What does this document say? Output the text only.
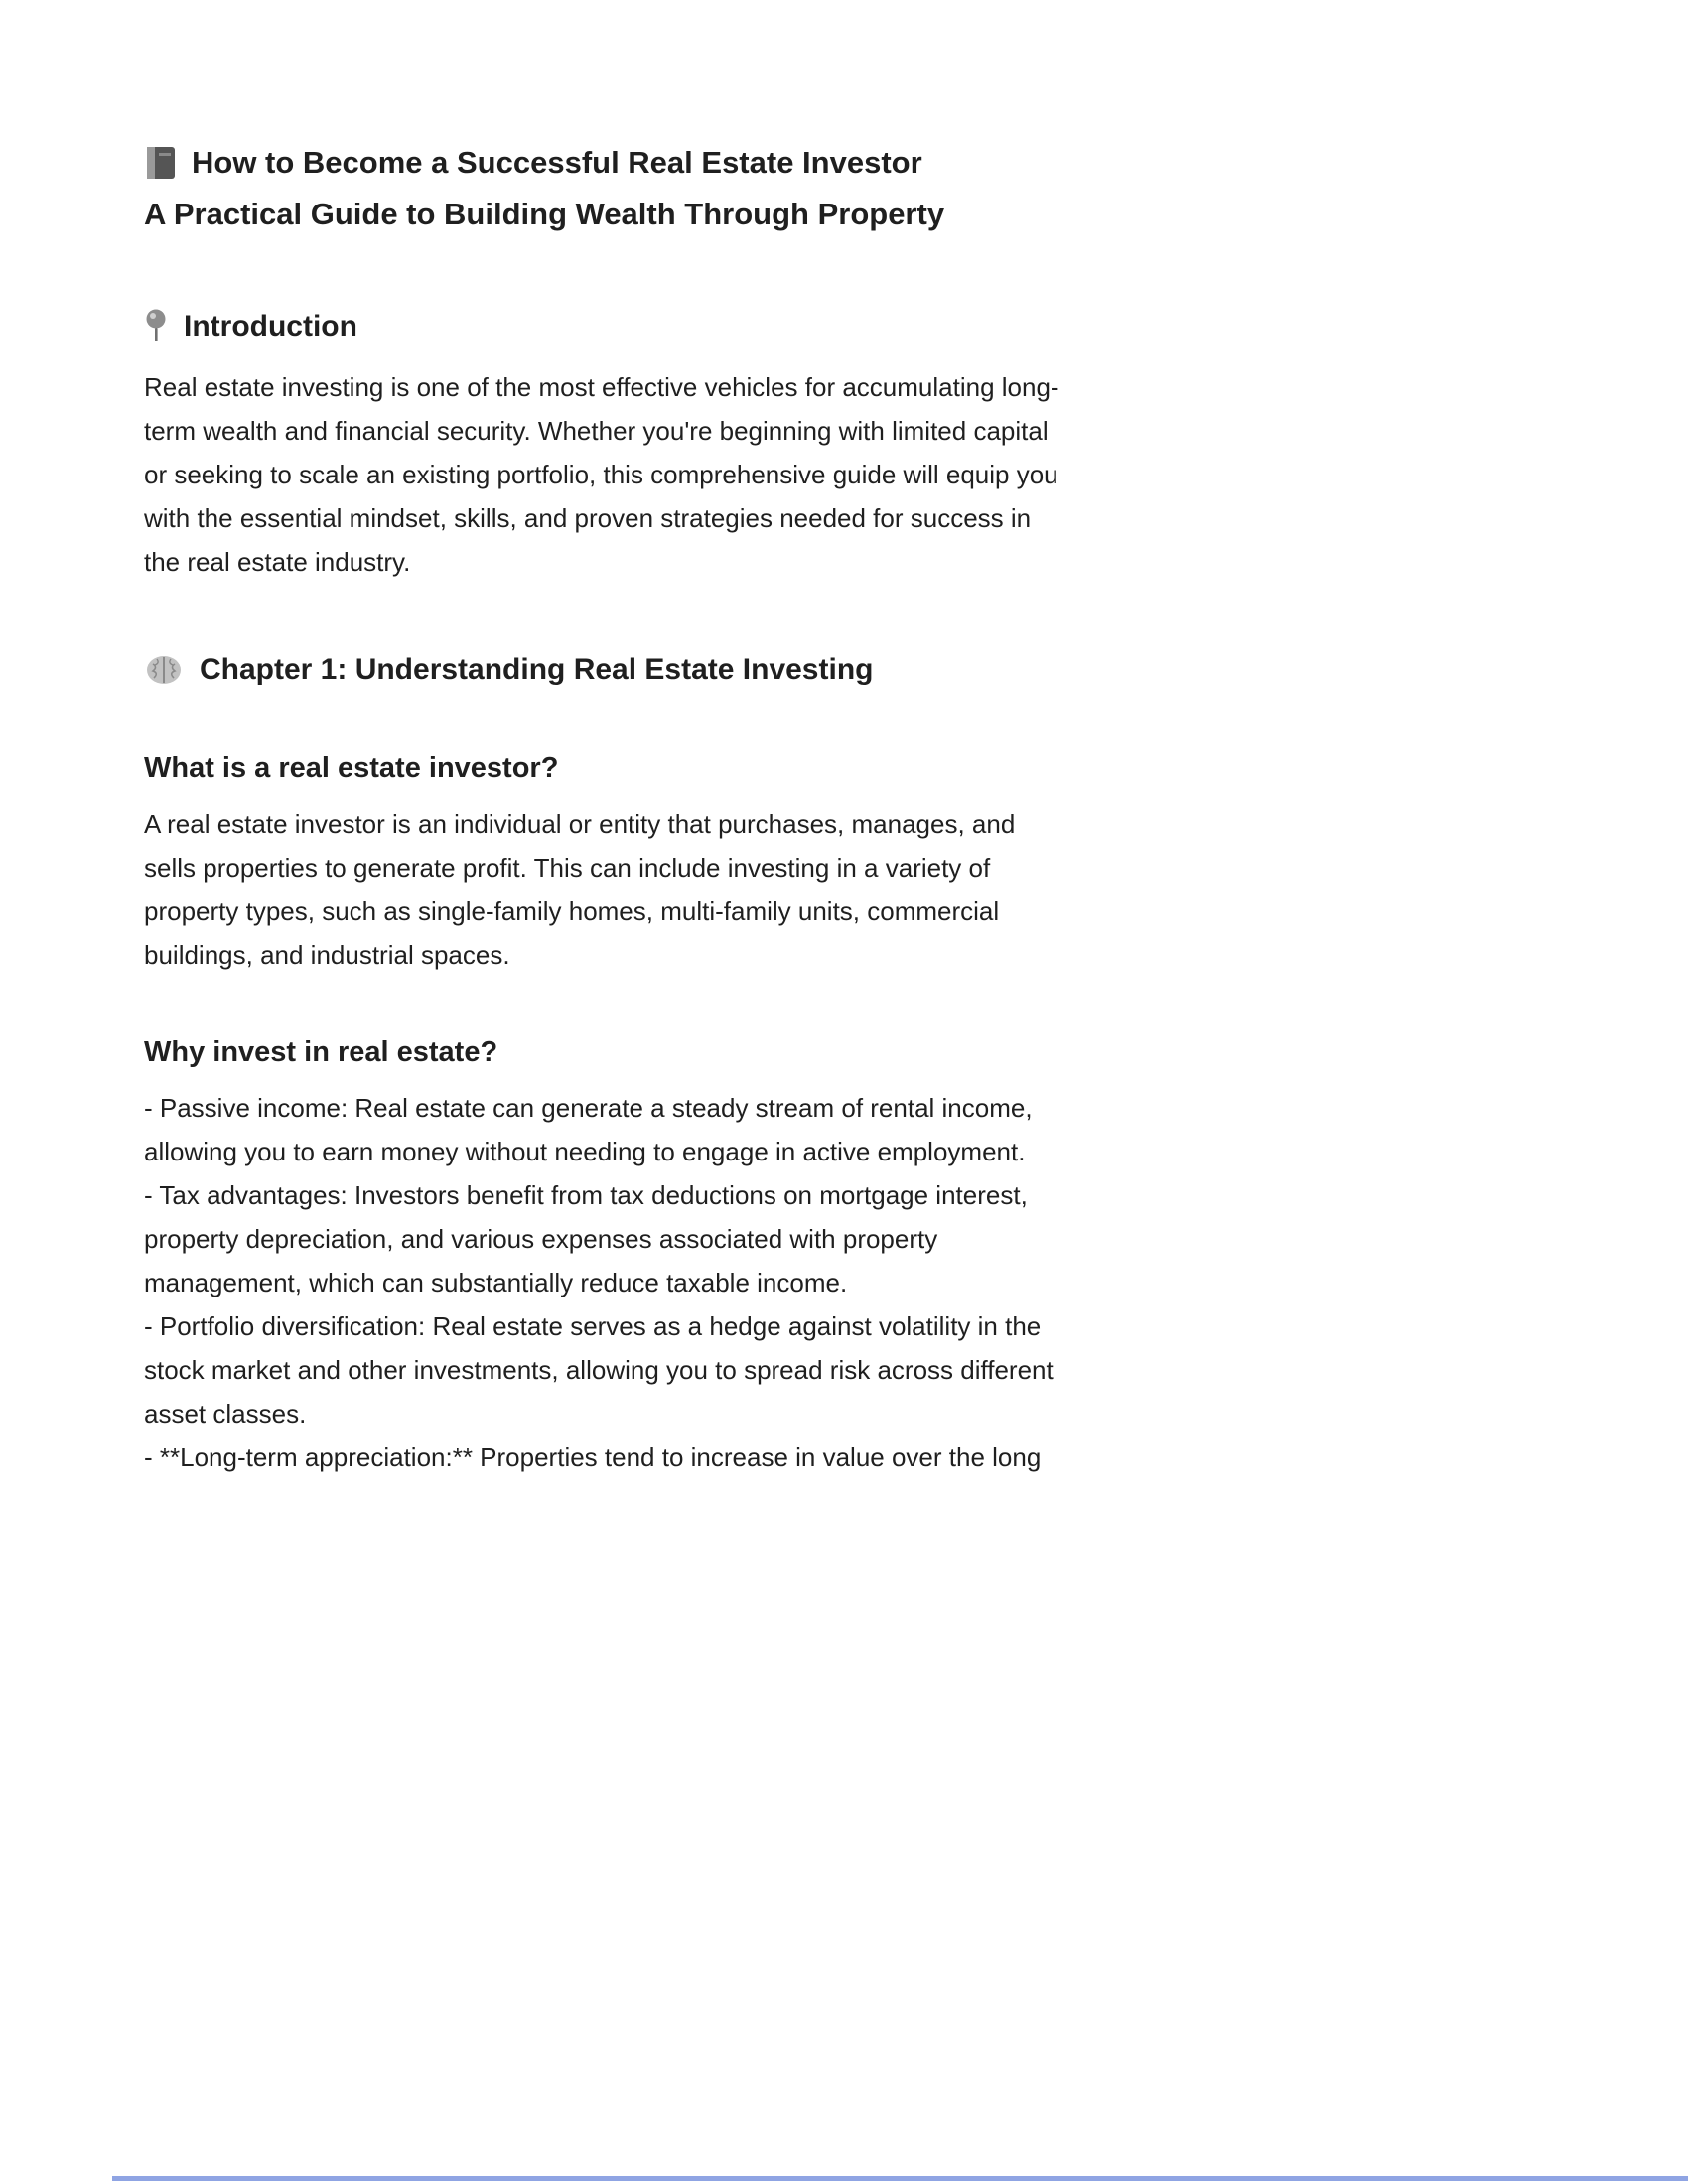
How to Become a Successful Real Estate Investor
A Practical Guide to Building Wealth Through Property
Introduction

Real estate investing is one of the most effective vehicles for accumulating long-term wealth and financial security. Whether you're beginning with limited capital or seeking to scale an existing portfolio, this comprehensive guide will equip you with the essential mindset, skills, and proven strategies needed for success in the real estate industry.

Chapter 1: Understanding Real Estate Investing
What is a real estate investor?

A real estate investor is an individual or entity that purchases, manages, and sells properties to generate profit. This can include investing in a variety of property types, such as single-family homes, multi-family units, commercial buildings, and industrial spaces.

Why invest in real estate?

- Passive income: Real estate can generate a steady stream of rental income, allowing you to earn money without needing to engage in active employment.

- Tax advantages: Investors benefit from tax deductions on mortgage interest, property depreciation, and various expenses associated with property management, which can substantially reduce taxable income.

- Portfolio diversification: Real estate serves as a hedge against volatility in the stock market and other investments, allowing you to spread risk across different asset classes.

- **Long-term appreciation:** Properties tend to increase in value over the long
